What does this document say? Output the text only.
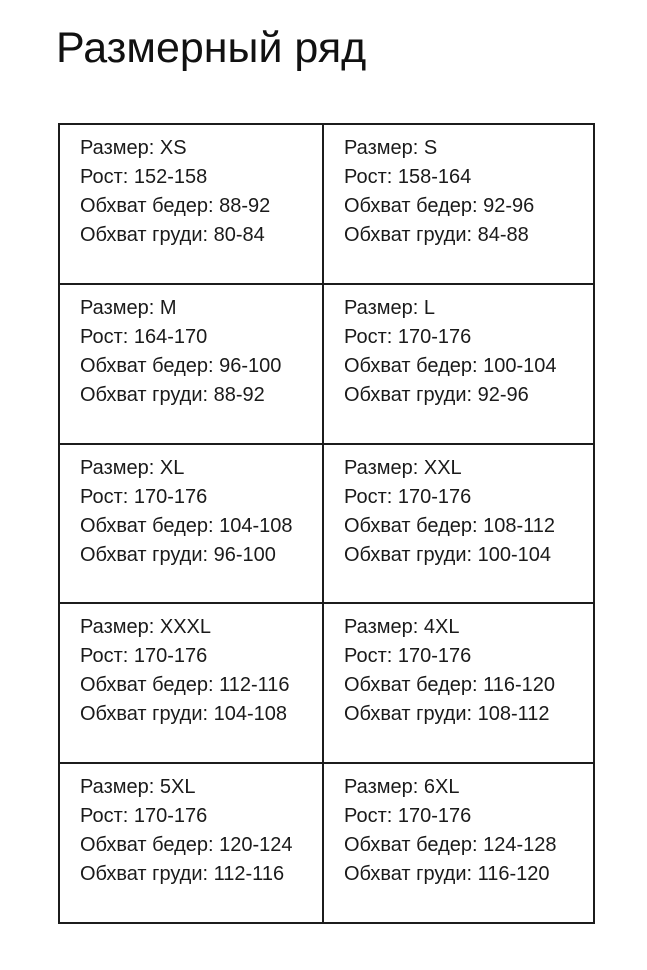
Размерный ряд
Размер: XS
Рост: 152-158
Обхват бедер: 88-92
Обхват груди: 80-84
Размер: S
Рост: 158-164
Обхват бедер: 92-96
Обхват груди: 84-88
Размер: M
Рост: 164-170
Обхват бедер: 96-100
Обхват груди: 88-92
Размер: L
Рост: 170-176
Обхват бедер: 100-104
Обхват груди: 92-96
Размер: XL
Рост: 170-176
Обхват бедер: 104-108
Обхват груди: 96-100
Размер: XXL
Рост: 170-176
Обхват бедер: 108-112
Обхват груди: 100-104
Размер: XXXL
Рост: 170-176
Обхват бедер: 112-116
Обхват груди: 104-108
Размер: 4XL
Рост: 170-176
Обхват бедер: 116-120
Обхват груди: 108-112
Размер: 5XL
Рост: 170-176
Обхват бедер: 120-124
Обхват груди: 112-116
Размер: 6XL
Рост: 170-176
Обхват бедер: 124-128
Обхват груди: 116-120
